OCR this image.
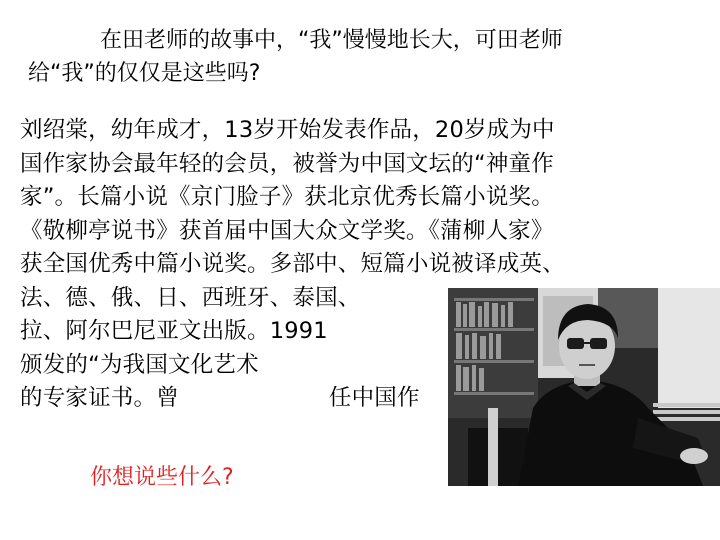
在田老师的故事中，“我”慢慢地长大，可田老师
给“我”的仅仅是这些吗?
刘绍棠，幼年成才，13岁开始发表作品，20岁成为中
国作家协会最年轻的会员，被誉为中国文坛的“神童作
家”。长篇小说《京门脸子》获北京优秀长篇小说奖。
《敬柳亭说书》获首届中国大众文学奖。《蒲柳人家》
获全国优秀中篇小说奖。多部中、短篇小说被译成英、
法、德、俄、日、西班牙、泰国、
拉、阿尔巴尼亚文出版。1991
颁发的“为我国文化艺术
的专家证书。曾	任中国作
你想说些什么?
